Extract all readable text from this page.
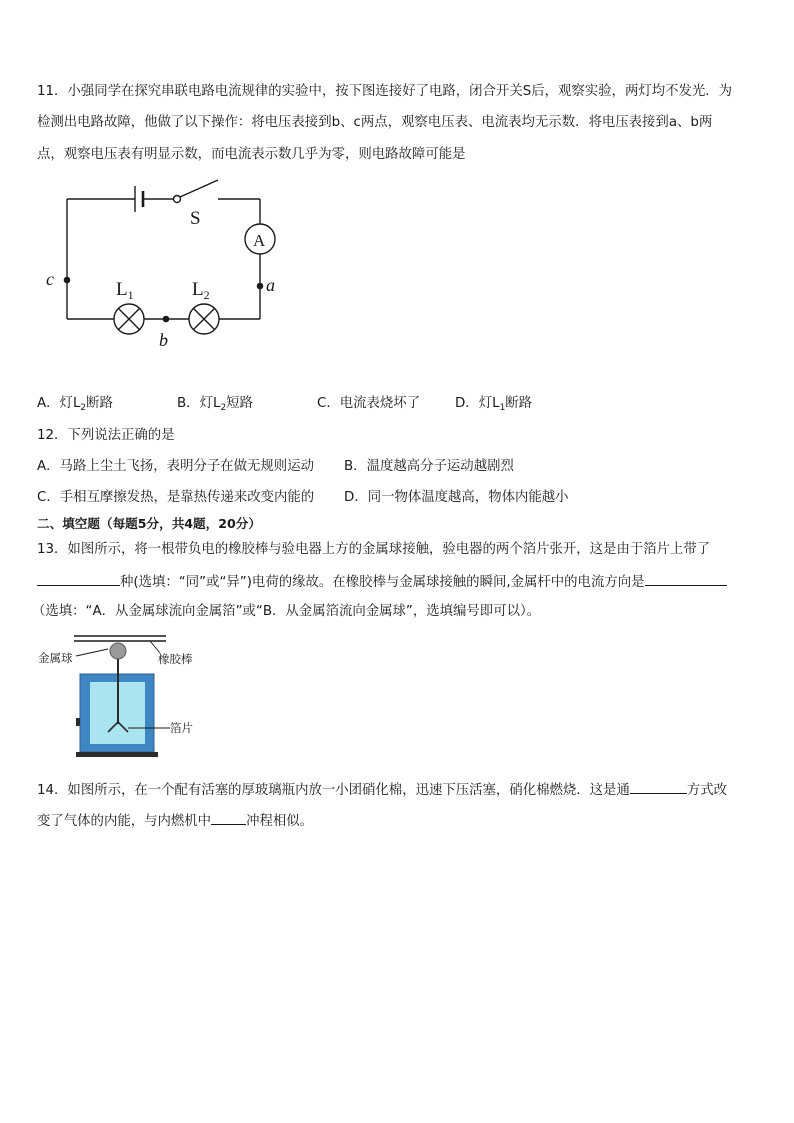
11．小强同学在探究串联电路电流规律的实验中，按下图连接好了电路，闭合开关S后，观察实验，两灯均不发光．为
检测出电路故障，他做了以下操作：将电压表接到b、c两点，观察电压表、电流表均无示数．将电压表接到a、b两
点，观察电压表有明显示数，而电流表示数几乎为零，则电路故障可能是
S
A
$L_1$	$L_2$
c
b
a
A．灯$L_2$断路	B．灯$L_2$短路	C．电流表烧坏了	D．灯$L_1$断路
12．下列说法正确的是
A．马路上尘土飞扬，表明分子在做无规则运动 B．温度越高分子运动越剧烈
C．手相互摩擦发热，是靠热传递来改变内能的 D．同一物体温度越高，物体内能越小
二、填空题（每题5分，共4题，20分）
13．如图所示，将一根带负电的橡胶棒与验电器上方的金属球接触，验电器的两个箔片张开，这是由于箔片上带了
种(选填：“同”或“异”)电荷的缘故。在橡胶棒与金属球接触的瞬间,金属杆中的电流方向是
（选填：“A．从金属球流向金属箔”或“B．从金属箔流向金属球”，选填编号即可以）。
金属球	橡胶棒
箔片
14．如图所示，在一个配有活塞的厚玻璃瓶内放一小团硝化棉，迅速下压活塞，硝化棉燃烧．这是通	方式改
变了气体的内能，与内燃机中	冲程相似。
